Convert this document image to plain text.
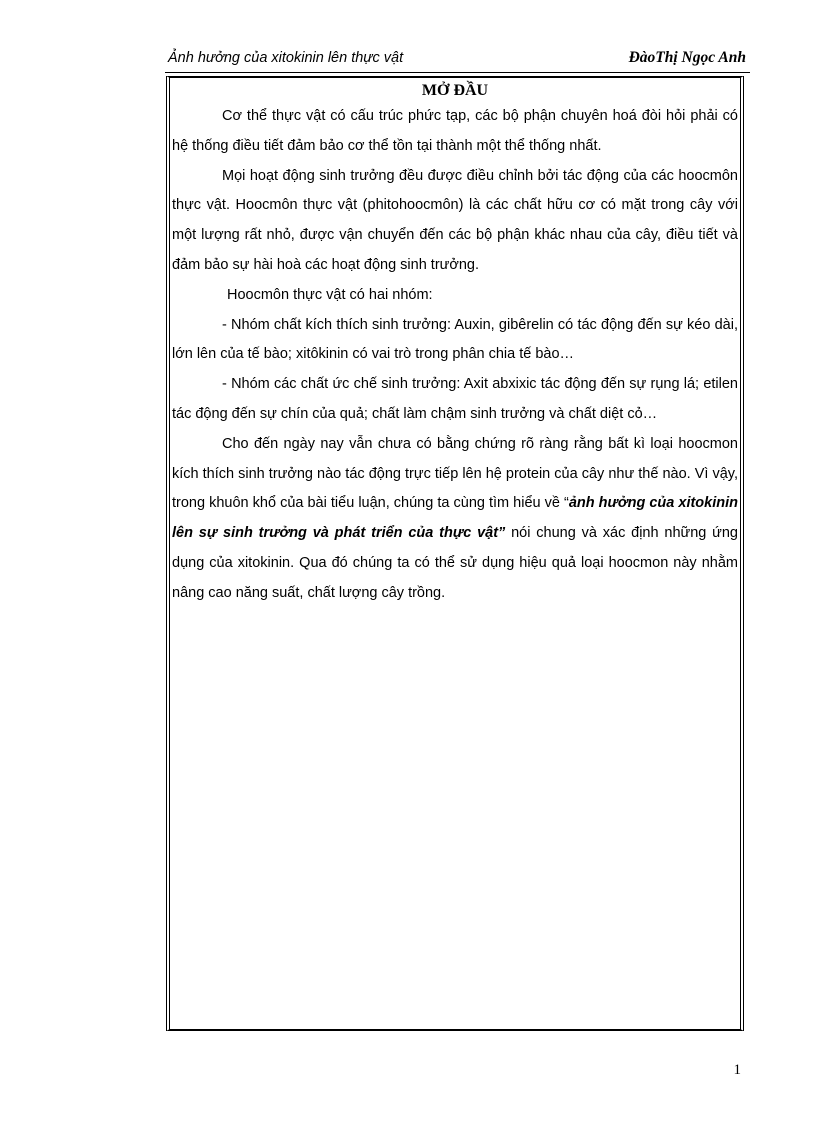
Ảnh hưởng của xitokinin lên thực vật	ĐàoThị Ngọc Anh

MỞ ĐẦU

Cơ thể thực vật có cấu trúc phức tạp, các bộ phận chuyên hoá đòi hỏi phải có hệ thống điều tiết đảm bảo cơ thể tồn tại thành một thể thống nhất.

Mọi hoạt động sinh trưởng đều được điều chỉnh bởi tác động của các hoocmôn thực vật. Hoocmôn thực vật (phitohoocmôn) là các chất hữu cơ có mặt trong cây với một lượng rất nhỏ, được vận chuyển đến các bộ phận khác nhau của cây, điều tiết và đảm bảo sự hài hoà các hoạt động sinh trưởng.

Hoocmôn thực vật có hai nhóm:

- Nhóm chất kích thích sinh trưởng: Auxin, gibêrelin có tác động đến sự kéo dài, lớn lên của tế bào; xitôkinin có vai trò trong phân chia tế bào…

- Nhóm các chất ức chế sinh trưởng: Axit abxixic tác động đến sự rụng lá; etilen tác động đến sự chín của quả; chất làm chậm sinh trưởng và chất diệt cỏ…

Cho đến ngày nay vẫn chưa có bằng chứng rõ ràng rằng bất kì loại hoocmon kích thích sinh trưởng nào tác động trực tiếp lên hệ protein của cây như thế nào. Vì vậy, trong khuôn khổ của bài tiểu luận, chúng ta cùng tìm hiểu về “ảnh hưởng của xitokinin lên sự sinh trưởng và phát triển của thực vật” nói chung và xác định những ứng dụng của xitokinin. Qua đó chúng ta có thể sử dụng hiệu quả loại hoocmon này nhằm nâng cao năng suất, chất lượng cây trồng.

1
